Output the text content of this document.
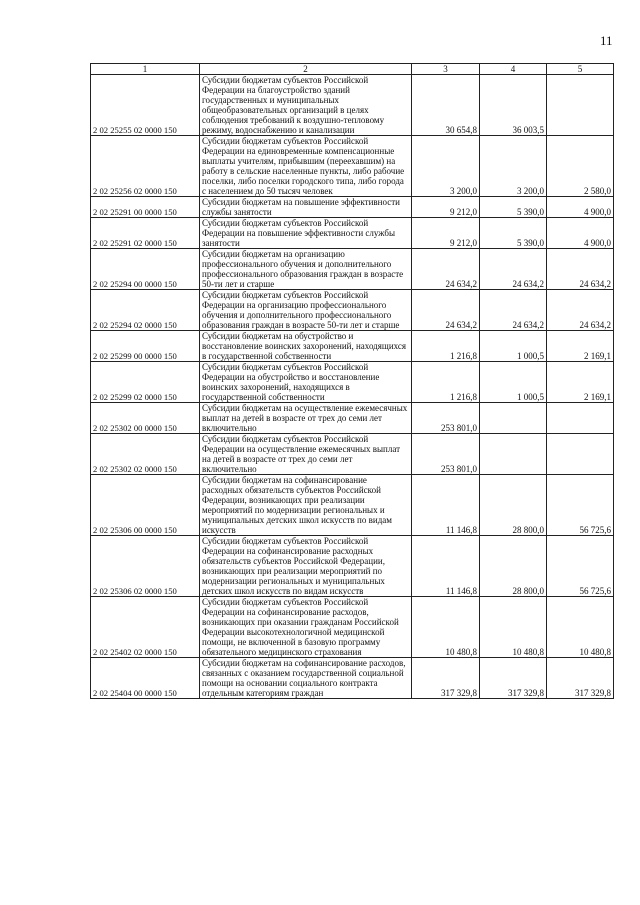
11
1	2	3	4	5
2 02 25255 02 0000 150	Субсидии бюджетам субъектов Российской Федерации на благоустройство зданий государственных и муниципальных общеобразовательных организаций в целях соблюдения требований к воздушно-тепловому режиму, водоснабжению и канализации	30 654,8	36 003,5	
2 02 25256 02 0000 150	Субсидии бюджетам субъектов Российской Федерации на единовременные компенсационные выплаты учителям, прибывшим (переехавшим) на работу в сельские населенные пункты, либо рабочие поселки, либо поселки городского типа, либо города с населением до 50 тысяч человек	3 200,0	3 200,0	2 580,0
2 02 25291 00 0000 150	Субсидии бюджетам на повышение эффективности службы занятости	9 212,0	5 390,0	4 900,0
2 02 25291 02 0000 150	Субсидии бюджетам субъектов Российской Федерации на повышение эффективности службы занятости	9 212,0	5 390,0	4 900,0
2 02 25294 00 0000 150	Субсидии бюджетам на организацию профессионального обучения и дополнительного профессионального образования граждан в возрасте 50-ти лет и старше	24 634,2	24 634,2	24 634,2
2 02 25294 02 0000 150	Субсидии бюджетам субъектов Российской Федерации на организацию профессионального обучения и дополнительного профессионального образования граждан в возрасте 50-ти лет и старше	24 634,2	24 634,2	24 634,2
2 02 25299 00 0000 150	Субсидии бюджетам на обустройство и восстановление воинских захоронений, находящихся в государственной собственности	1 216,8	1 000,5	2 169,1
2 02 25299 02 0000 150	Субсидии бюджетам субъектов Российской Федерации на обустройство и восстановление воинских захоронений, находящихся в государственной собственности	1 216,8	1 000,5	2 169,1
2 02 25302 00 0000 150	Субсидии бюджетам на осуществление ежемесячных выплат на детей в возрасте от трех до семи лет включительно	253 801,0		
2 02 25302 02 0000 150	Субсидии бюджетам субъектов Российской Федерации на осуществление ежемесячных выплат на детей в возрасте от трех до семи лет включительно	253 801,0		
2 02 25306 00 0000 150	Субсидии бюджетам на софинансирование расходных обязательств субъектов Российской Федерации, возникающих при реализации мероприятий по модернизации региональных и муниципальных детских школ искусств по видам искусств	11 146,8	28 800,0	56 725,6
2 02 25306 02 0000 150	Субсидии бюджетам субъектов Российской Федерации на софинансирование расходных обязательств субъектов Российской Федерации, возникающих при реализации мероприятий по модернизации региональных и муниципальных детских школ искусств по видам искусств	11 146,8	28 800,0	56 725,6
2 02 25402 02 0000 150	Субсидии бюджетам субъектов Российской Федерации на софинансирование расходов, возникающих при оказании гражданам Российской Федерации высокотехнологичной медицинской помощи, не включенной в базовую программу обязательного медицинского страхования	10 480,8	10 480,8	10 480,8
2 02 25404 00 0000 150	Субсидии бюджетам на софинансирование расходов, связанных с оказанием государственной социальной помощи на основании социального контракта отдельным категориям граждан	317 329,8	317 329,8	317 329,8
